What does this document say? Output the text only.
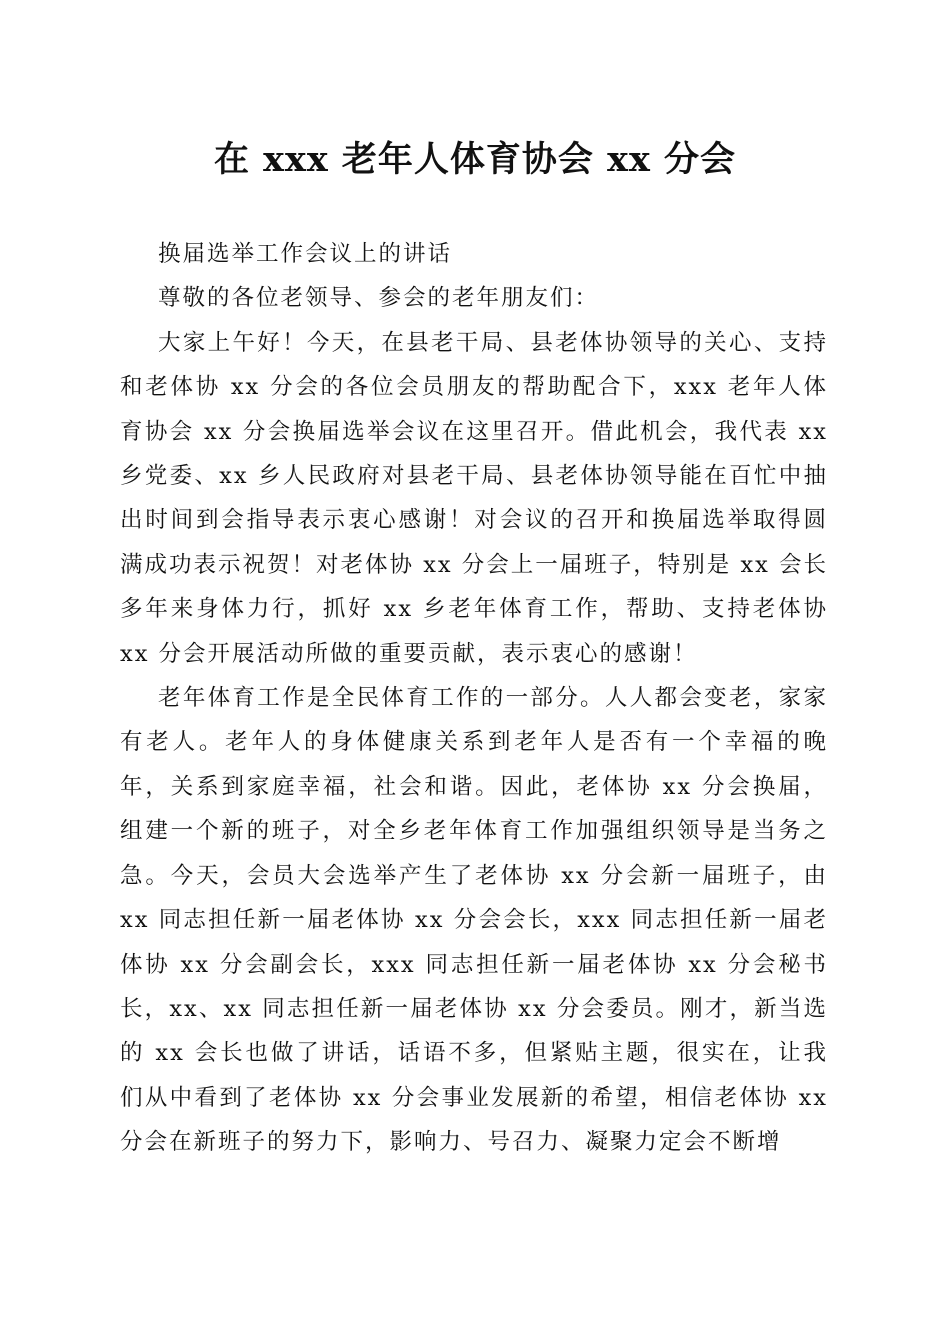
在 xxx 老年人体育协会 xx 分会

换届选举工作会议上的讲话

尊敬的各位老领导、参会的老年朋友们：

大家上午好！今天，在县老干局、县老体协领导的关心、支持和老体协 xx 分会的各位会员朋友的帮助配合下，xxx 老年人体育协会 xx 分会换届选举会议在这里召开。借此机会，我代表 xx 乡党委、xx 乡人民政府对县老干局、县老体协领导能在百忙中抽出时间到会指导表示衷心感谢！对会议的召开和换届选举取得圆满成功表示祝贺！对老体协 xx 分会上一届班子，特别是 xx 会长多年来身体力行，抓好 xx 乡老年体育工作，帮助、支持老体协 xx 分会开展活动所做的重要贡献，表示衷心的感谢！

老年体育工作是全民体育工作的一部分。人人都会变老，家家有老人。老年人的身体健康关系到老年人是否有一个幸福的晚年，关系到家庭幸福，社会和谐。因此，老体协 xx 分会换届，组建一个新的班子，对全乡老年体育工作加强组织领导是当务之急。今天，会员大会选举产生了老体协 xx 分会新一届班子，由 xx 同志担任新一届老体协 xx 分会会长，xxx 同志担任新一届老体协 xx 分会副会长，xxx 同志担任新一届老体协 xx 分会秘书长，xx、xx 同志担任新一届老体协 xx 分会委员。刚才，新当选的 xx 会长也做了讲话，话语不多，但紧贴主题，很实在，让我们从中看到了老体协 xx 分会事业发展新的希望，相信老体协 xx 分会在新班子的努力下，影响力、号召力、凝聚力定会不断增
